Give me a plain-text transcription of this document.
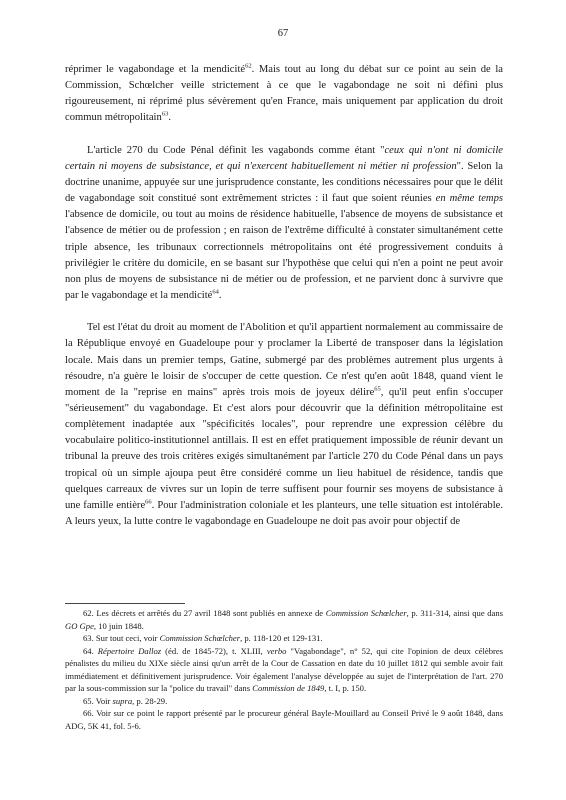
67

réprimer le vagabondage et la mendicité$^{62}$. Mais tout au long du débat sur ce point au sein de la Commission, Schœlcher veille strictement à ce que le vagabondage ne soit ni défini plus rigoureusement, ni réprimé plus sévèrement qu'en France, mais uniquement par application du droit commun métropolitain$^{63}$.

L'article 270 du Code Pénal définit les vagabonds comme étant "ceux qui n'ont ni domicile certain ni moyens de subsistance, et qui n'exercent habituellement ni métier ni profession". Selon la doctrine unanime, appuyée sur une jurisprudence constante, les conditions nécessaires pour que le délit de vagabondage soit constitué sont extrêmement strictes : il faut que soient réunies en même temps l'absence de domicile, ou tout au moins de résidence habituelle, l'absence de moyens de subsistance et l'absence de métier ou de profession ; en raison de l'extrême difficulté à constater simultanément cette triple absence, les tribunaux correctionnels métropolitains ont été progressivement conduits à privilégier le critère du domicile, en se basant sur l'hypothèse que celui qui n'en a point ne peut avoir non plus de moyens de subsistance ni de métier ou de profession, et ne parvient donc à survivre que par le vagabondage et la mendicité$^{64}$.

Tel est l'état du droit au moment de l'Abolition et qu'il appartient normalement au commissaire de la République envoyé en Guadeloupe pour y proclamer la Liberté de transposer dans la législation locale. Mais dans un premier temps, Gatine, submergé par des problèmes autrement plus urgents à résoudre, n'a guère le loisir de s'occuper de cette question. Ce n'est qu'en août 1848, quand vient le moment de la "reprise en mains" après trois mois de joyeux délire$^{65}$, qu'il peut enfin s'occuper "sérieusement" du vagabondage. Et c'est alors pour découvrir que la définition métropolitaine est complètement inadaptée aux "spécificités locales", pour reprendre une expression célèbre du vocabulaire politico-institutionnel antillais. Il est en effet pratiquement impossible de réunir devant un tribunal la preuve des trois critères exigés simultanément par l'article 270 du Code Pénal dans un pays tropical où un simple ajoupa peut être considéré comme un lieu habituel de résidence, tandis que quelques carreaux de vivres sur un lopin de terre suffisent pour fournir ses moyens de subsistance à une famille entière$^{66}$. Pour l'administration coloniale et les planteurs, une telle situation est intolérable. A leurs yeux, la lutte contre le vagabondage en Guadeloupe ne doit pas avoir pour objectif de

62. Les décrets et arrêtés du 27 avril 1848 sont publiés en annexe de Commission Schœlcher, p. 311-314, ainsi que dans GO Gpe, 10 juin 1848.

63. Sur tout ceci, voir Commission Schœlcher, p. 118-120 et 129-131.

64. Répertoire Dalloz (éd. de 1845-72), t. XLIII, verbo "Vagabondage", n° 52, qui cite l'opinion de deux célèbres pénalistes du milieu du XIXe siècle ainsi qu'un arrêt de la Cour de Cassation en date du 10 juillet 1812 qui semble avoir fait immédiatement et définitivement jurisprudence. Voir également l'analyse développée au sujet de l'interprétation de l'art. 270 par la sous-commission sur la "police du travail" dans Commission de 1849, t. I, p. 150.

65. Voir supra, p. 28-29.

66. Voir sur ce point le rapport présenté par le procureur général Bayle-Mouillard au Conseil Privé le 9 août 1848, dans ADG, 5K 41, fol. 5-6.
